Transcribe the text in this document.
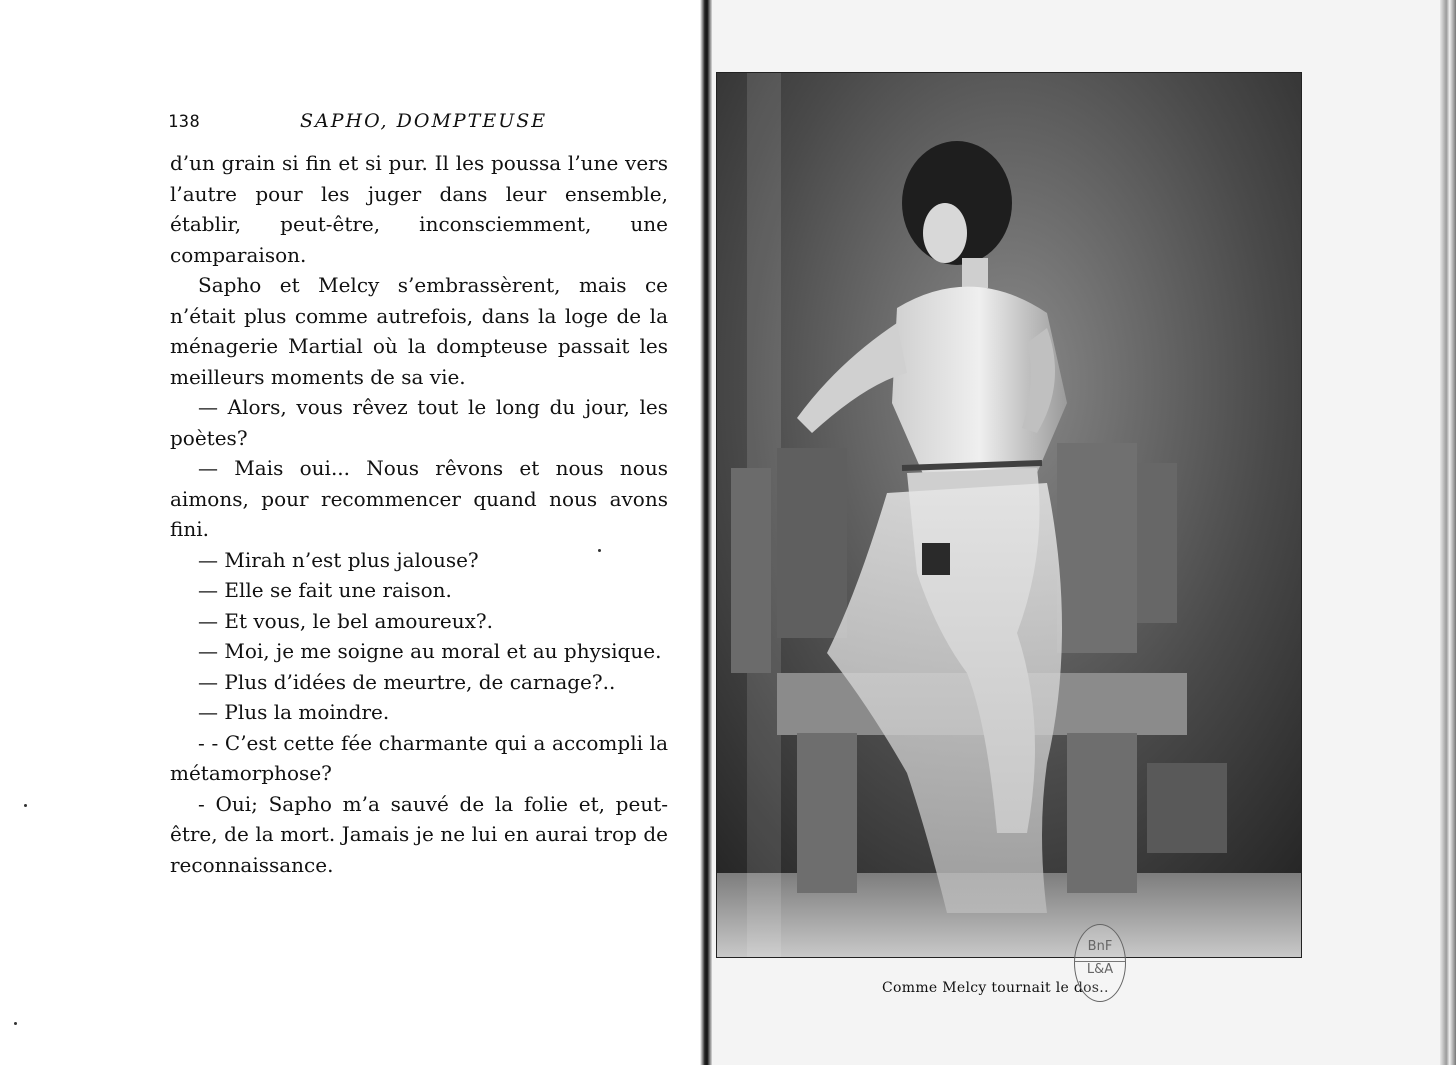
138	SAPHO, DOMPTEUSE

d’un grain si fin et si pur. Il les poussa l’une vers l’autre pour les juger dans leur ensemble, établir, peut-être, inconsciemment, une comparaison.

Sapho et Melcy s’embrassèrent, mais ce n’était plus comme autrefois, dans la loge de la ménagerie Martial où la dompteuse passait les meilleurs moments de sa vie.

— Alors, vous rêvez tout le long du jour, les poètes?

— Mais oui... Nous rêvons et nous nous aimons, pour recommencer quand nous avons fini.

— Mirah n’est plus jalouse?

— Elle se fait une raison.

— Et vous, le bel amoureux?.

— Moi, je me soigne au moral et au physique.

— Plus d’idées de meurtre, de carnage?..

— Plus la moindre.

- - C’est cette fée charmante qui a accompli la métamorphose?

- Oui; Sapho m’a sauvé de la folie et, peut-être, de la mort. Jamais je ne lui en aurai trop de reconnaissance.

Comme Melcy tournait le dos..
BnF
L&A
